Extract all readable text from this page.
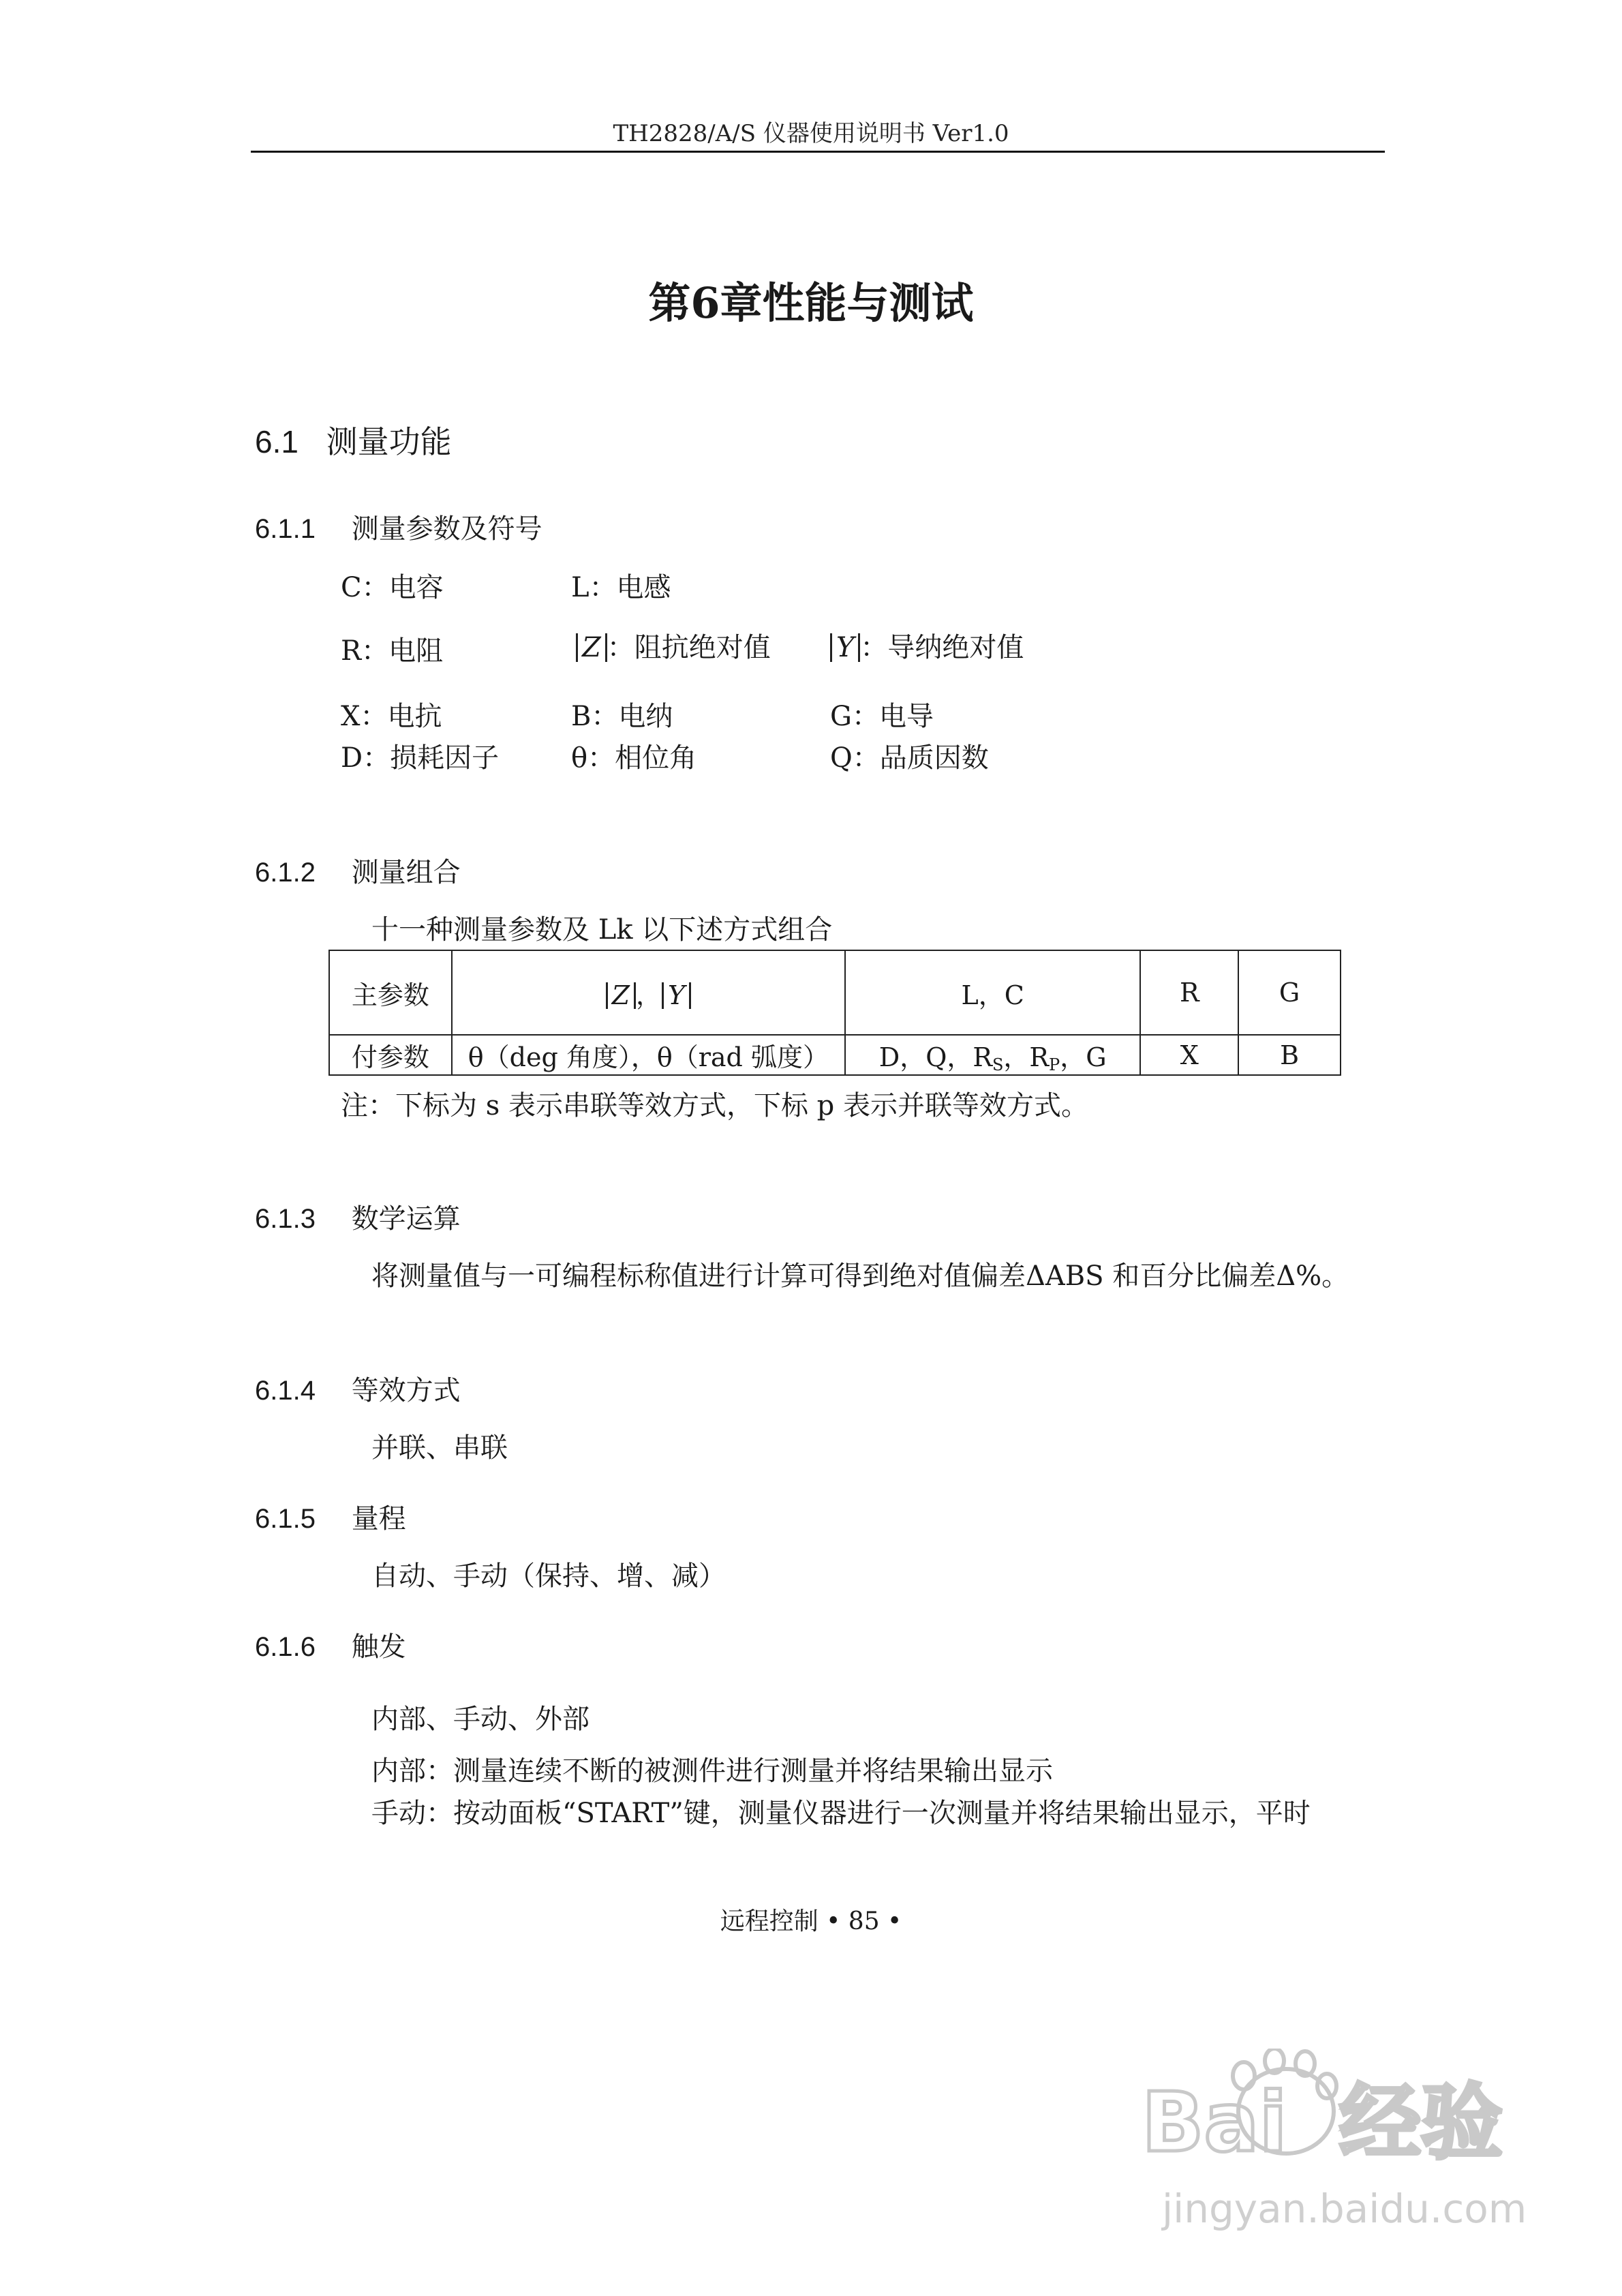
TH2828/A/S 仪器使用说明书 Ver1.0
第6章性能与测试
6.1 测量功能
6.1.1 测量参数及符号
C：电容	L：电感
R：电阻	Z ：阻抗绝对值 Y ：导纳绝对值
X：电抗	B：电纳	G：电导
D：损耗因子	θ：相位角	Q：品质因数
6.1.2 测量组合
十一种测量参数及 Lk 以下述方式组合
主参数	Z ， Y	L，C	R	G
付参数	θ（deg 角度），θ（rad 弧度）	D，Q，$R_S$，$R_P$，G	X	B
注：下标为 s 表示串联等效方式，下标 p 表示并联等效方式。
6.1.3 数学运算
将测量值与一可编程标称值进行计算可得到绝对值偏差ΔABS 和百分比偏差Δ%。
6.1.4 等效方式
并联、串联
6.1.5 量程
自动、手动（保持、增、减）
6.1.6 触发
内部、手动、外部
内部：测量连续不断的被测件进行测量并将结果输出显示
手动：按动面板“START”键，测量仪器进行一次测量并将结果输出显示，平时
远程控制 • 85 •
Bai 经验
jingyan.baidu.com
